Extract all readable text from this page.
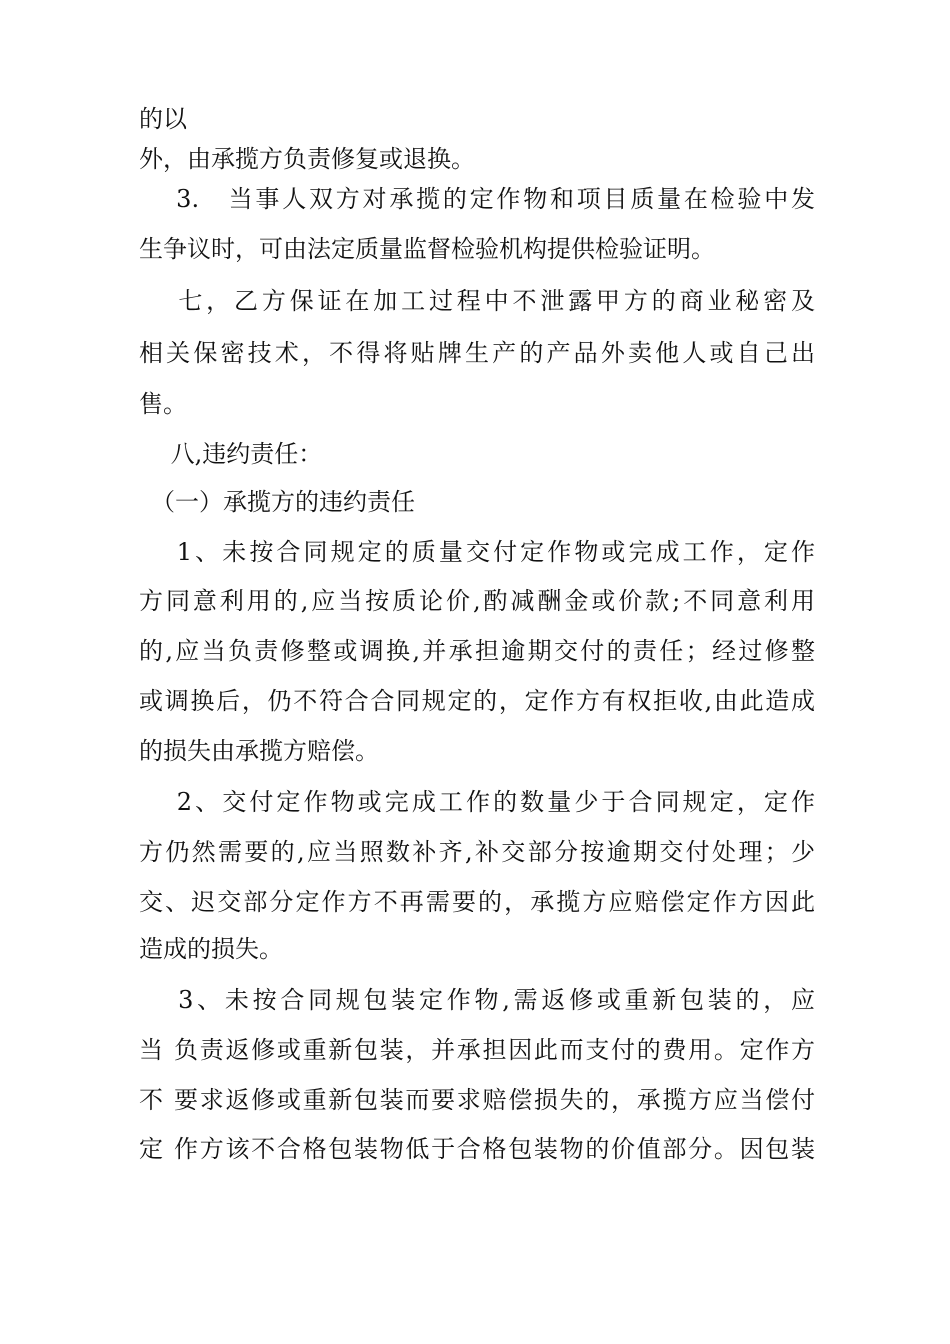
的以
外，由承揽方负责修复或退换。
　 3.　当事人双方对承揽的定作物和项目质量在检验中发
生争议时，可由法定质量监督检验机构提供检验证明。
　 七，乙方保证在加工过程中不泄露甲方的商业秘密及
相关保密技术，不得将贴牌生产的产品外卖他人或自己出
售。
　 八,违约责任：
　（一）承揽方的违约责任
　 1、未按合同规定的质量交付定作物或完成工作，定作
方同意利用的,应当按质论价,酌减酬金或价款;不同意利用
的,应当负责修整或调换,并承担逾期交付的责任；经过修整
或调换后，仍不符合合同规定的，定作方有权拒收,由此造成
的损失由承揽方赔偿。
　 2、交付定作物或完成工作的数量少于合同规定，定作
方仍然需要的,应当照数补齐,补交部分按逾期交付处理；少
交、迟交部分定作方不再需要的，承揽方应赔偿定作方因此
造成的损失。
　 3、未按合同规包装定作物,需返修或重新包装的，应
当 负责返修或重新包装，并承担因此而支付的费用。定作方
不 要求返修或重新包装而要求赔偿损失的，承揽方应当偿付
定 作方该不合格包装物低于合格包装物的价值部分。因包装
